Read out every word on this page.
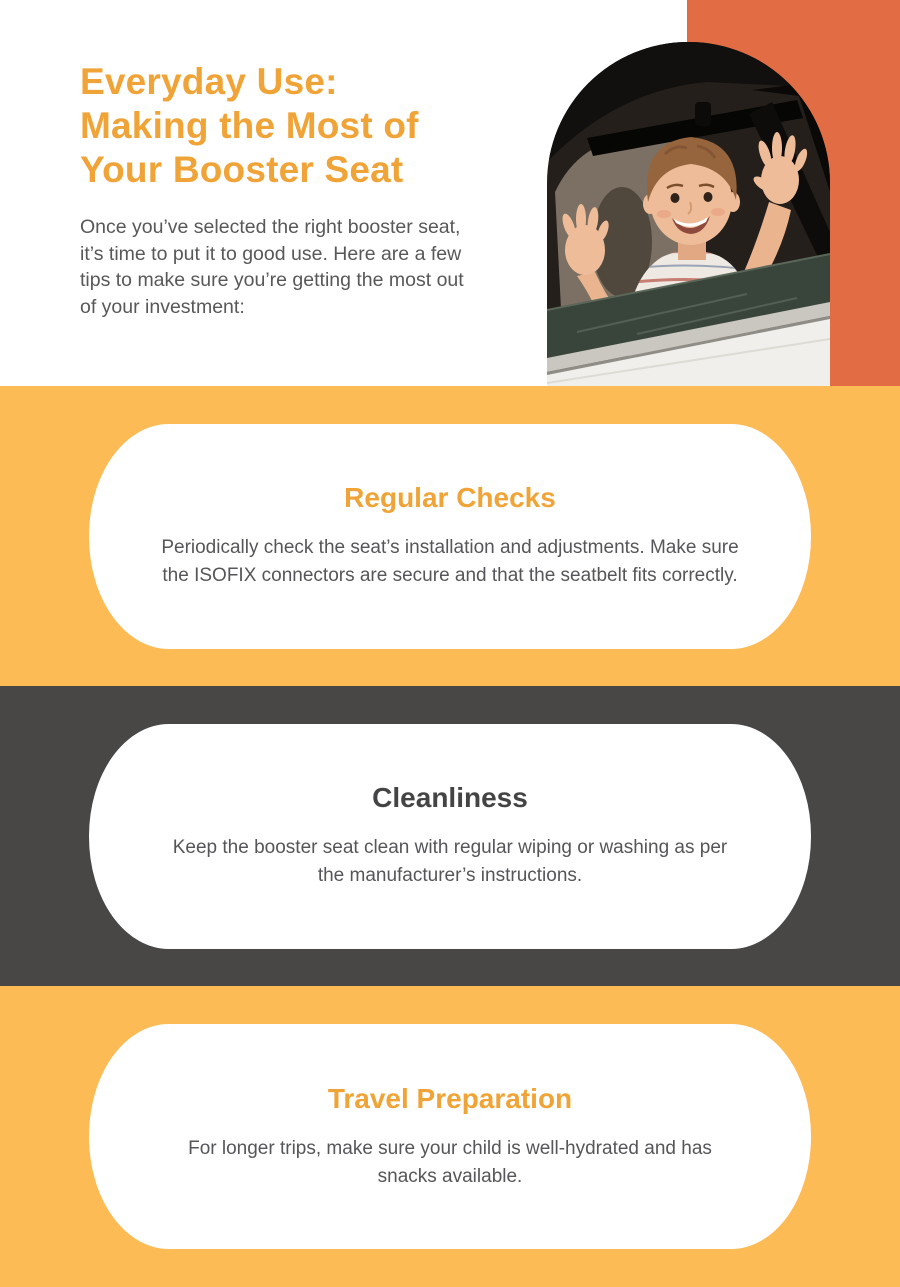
Everyday Use:
Making the Most of
Your Booster Seat

Once you’ve selected the right booster seat, it’s time to put it to good use. Here are a few tips to make sure you’re getting the most out of your investment:

Regular Checks

Periodically check the seat’s installation and adjustments. Make sure the ISOFIX connectors are secure and that the seatbelt fits correctly.

Cleanliness

Keep the booster seat clean with regular wiping or washing as per the manufacturer’s instructions.

Travel Preparation

For longer trips, make sure your child is well-hydrated and has snacks available.
